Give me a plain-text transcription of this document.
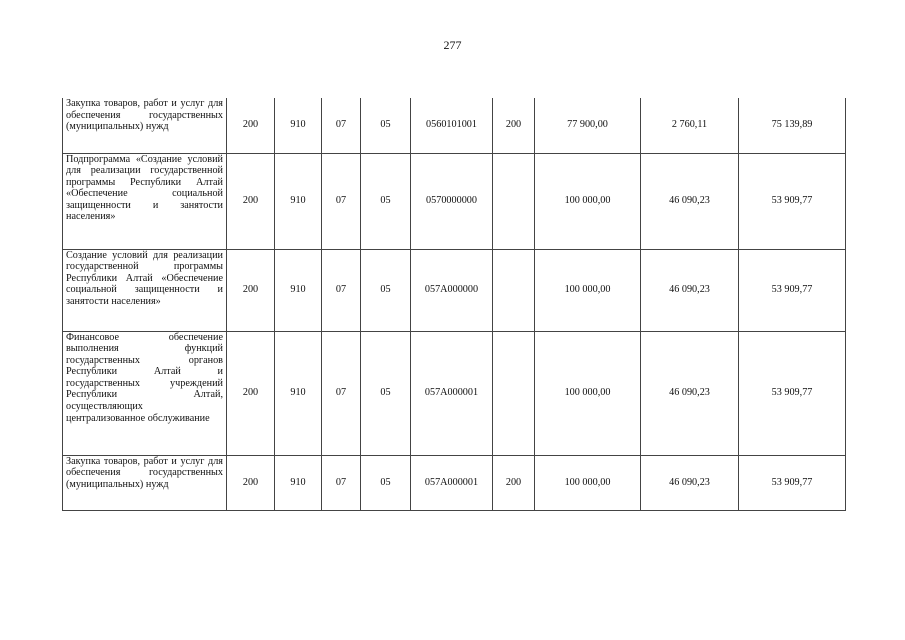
277
Закупка товаров, работ и услуг для обеспечения государственных (муниципальных) нужд	200	910	07	05	0560101001	200	77 900,00	2 760,11	75 139,89
Подпрограмма «Создание условий для реализации государственной программы Республики Алтай «Обеспечение социальной защищенности и занятости населения»	200	910	07	05	0570000000		100 000,00	46 090,23	53 909,77
Создание условий для реализации государственной программы Республики Алтай «Обеспечение социальной защищенности и занятости населения»	200	910	07	05	057А000000		100 000,00	46 090,23	53 909,77
Финансовое обеспечение выполнения функций государственных органов Республики Алтай и государственных учреждений Республики Алтай, осуществляющих централизованное обслуживание	200	910	07	05	057А000001		100 000,00	46 090,23	53 909,77
Закупка товаров, работ и услуг для обеспечения государственных (муниципальных) нужд	200	910	07	05	057А000001	200	100 000,00	46 090,23	53 909,77
